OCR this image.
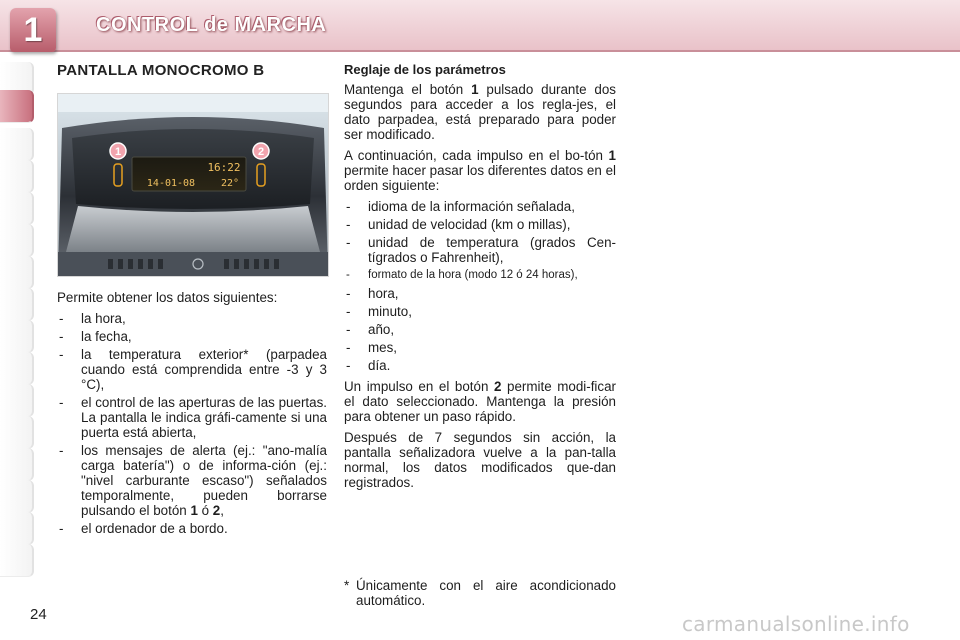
1	CONTROL de MARCHA
PANTALLA MONOCROMO B
16:22
14-01-08	22°
1	2

Permite obtener los datos siguientes:

- la hora,
- la fecha,
- la temperatura exterior* (parpadea cuando está comprendida entre -3 y 3 °C),
- el control de las aperturas de las puertas. La pantalla le indica gráfi-camente si una puerta está abierta,
- los mensajes de alerta (ej.: "ano-malía carga batería") o de informa-ción (ej.: "nivel carburante escaso") señalados temporalmente, pueden borrarse pulsando el botón 1 ó 2,
- el ordenador de a bordo.

Reglaje de los parámetros

Mantenga el botón 1 pulsado durante dos segundos para acceder a los regla-jes, el dato parpadea, está preparado para poder ser modificado.

A continuación, cada impulso en el bo-tón 1 permite hacer pasar los diferentes datos en el orden siguiente:

- idioma de la información señalada,
- unidad de velocidad (km o millas),
- unidad de temperatura (grados Cen-tígrados o Fahrenheit),
- formato de la hora (modo 12 ó 24 horas),
- hora,
- minuto,
- año,
- mes,
- día.

Un impulso en el botón 2 permite modi-ficar el dato seleccionado. Mantenga la presión para obtener un paso rápido.

Después de 7 segundos sin acción, la pantalla señalizadora vuelve a la pan-talla normal, los datos modificados que-dan registrados.

* Únicamente con el aire acondicionado automático.
24	carmanualsonline.info
